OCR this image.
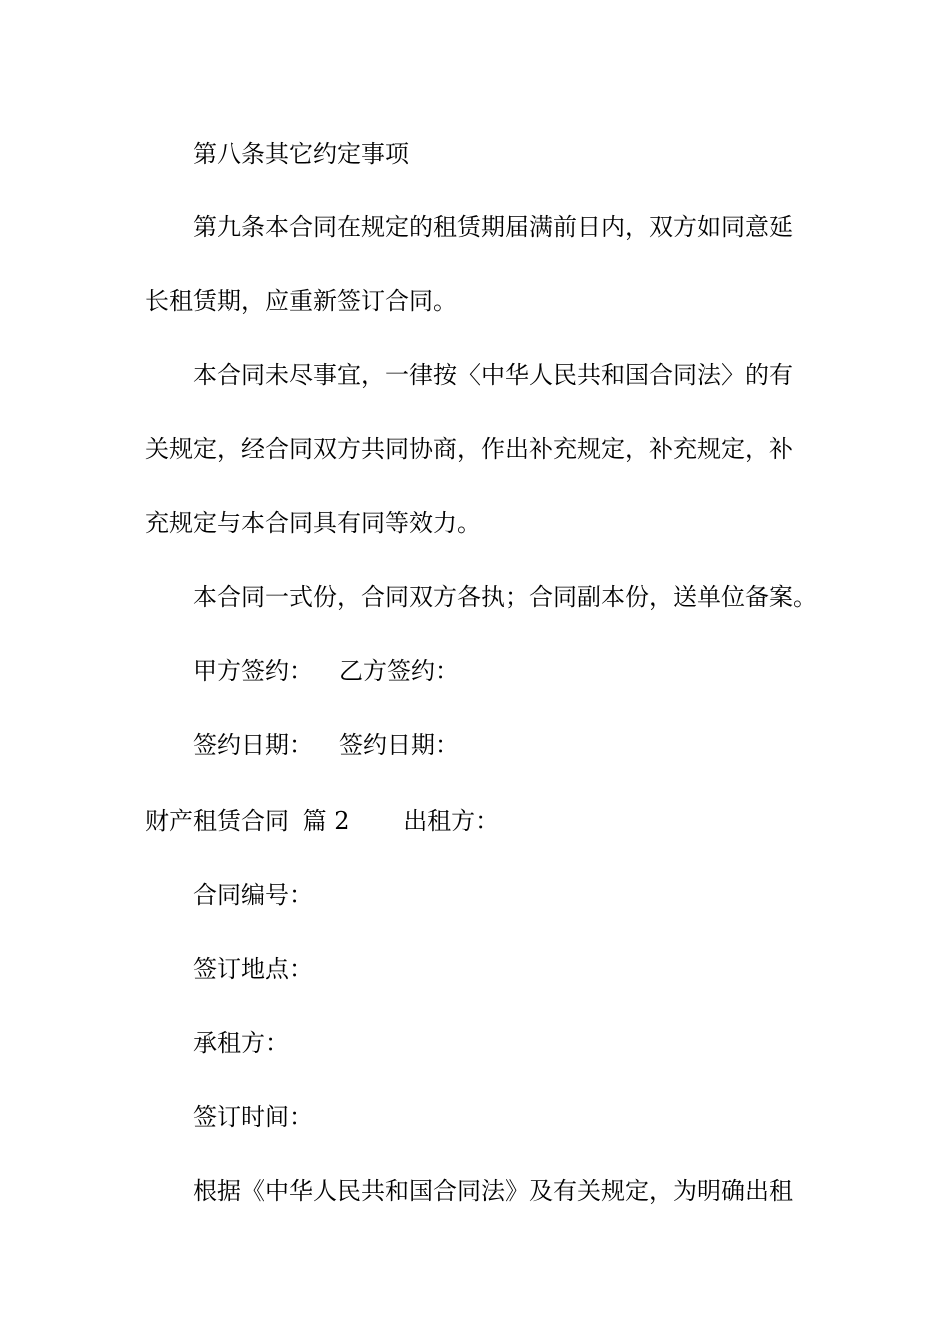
第八条其它约定事项
第九条本合同在规定的租赁期届满前日内，双方如同意延
长租赁期，应重新签订合同。
本合同未尽事宜，一律按〈中华人民共和国合同法〉的有
关规定，经合同双方共同协商，作出补充规定，补充规定，补
充规定与本合同具有同等效力。
本合同一式份，合同双方各执；合同副本份，送单位备案。
甲方签约： 乙方签约：
签约日期： 签约日期：
财产租赁合同 篇 2 出租方：
合同编号：
签订地点：
承租方：
签订时间：
根据《中华人民共和国合同法》及有关规定，为明确出租
